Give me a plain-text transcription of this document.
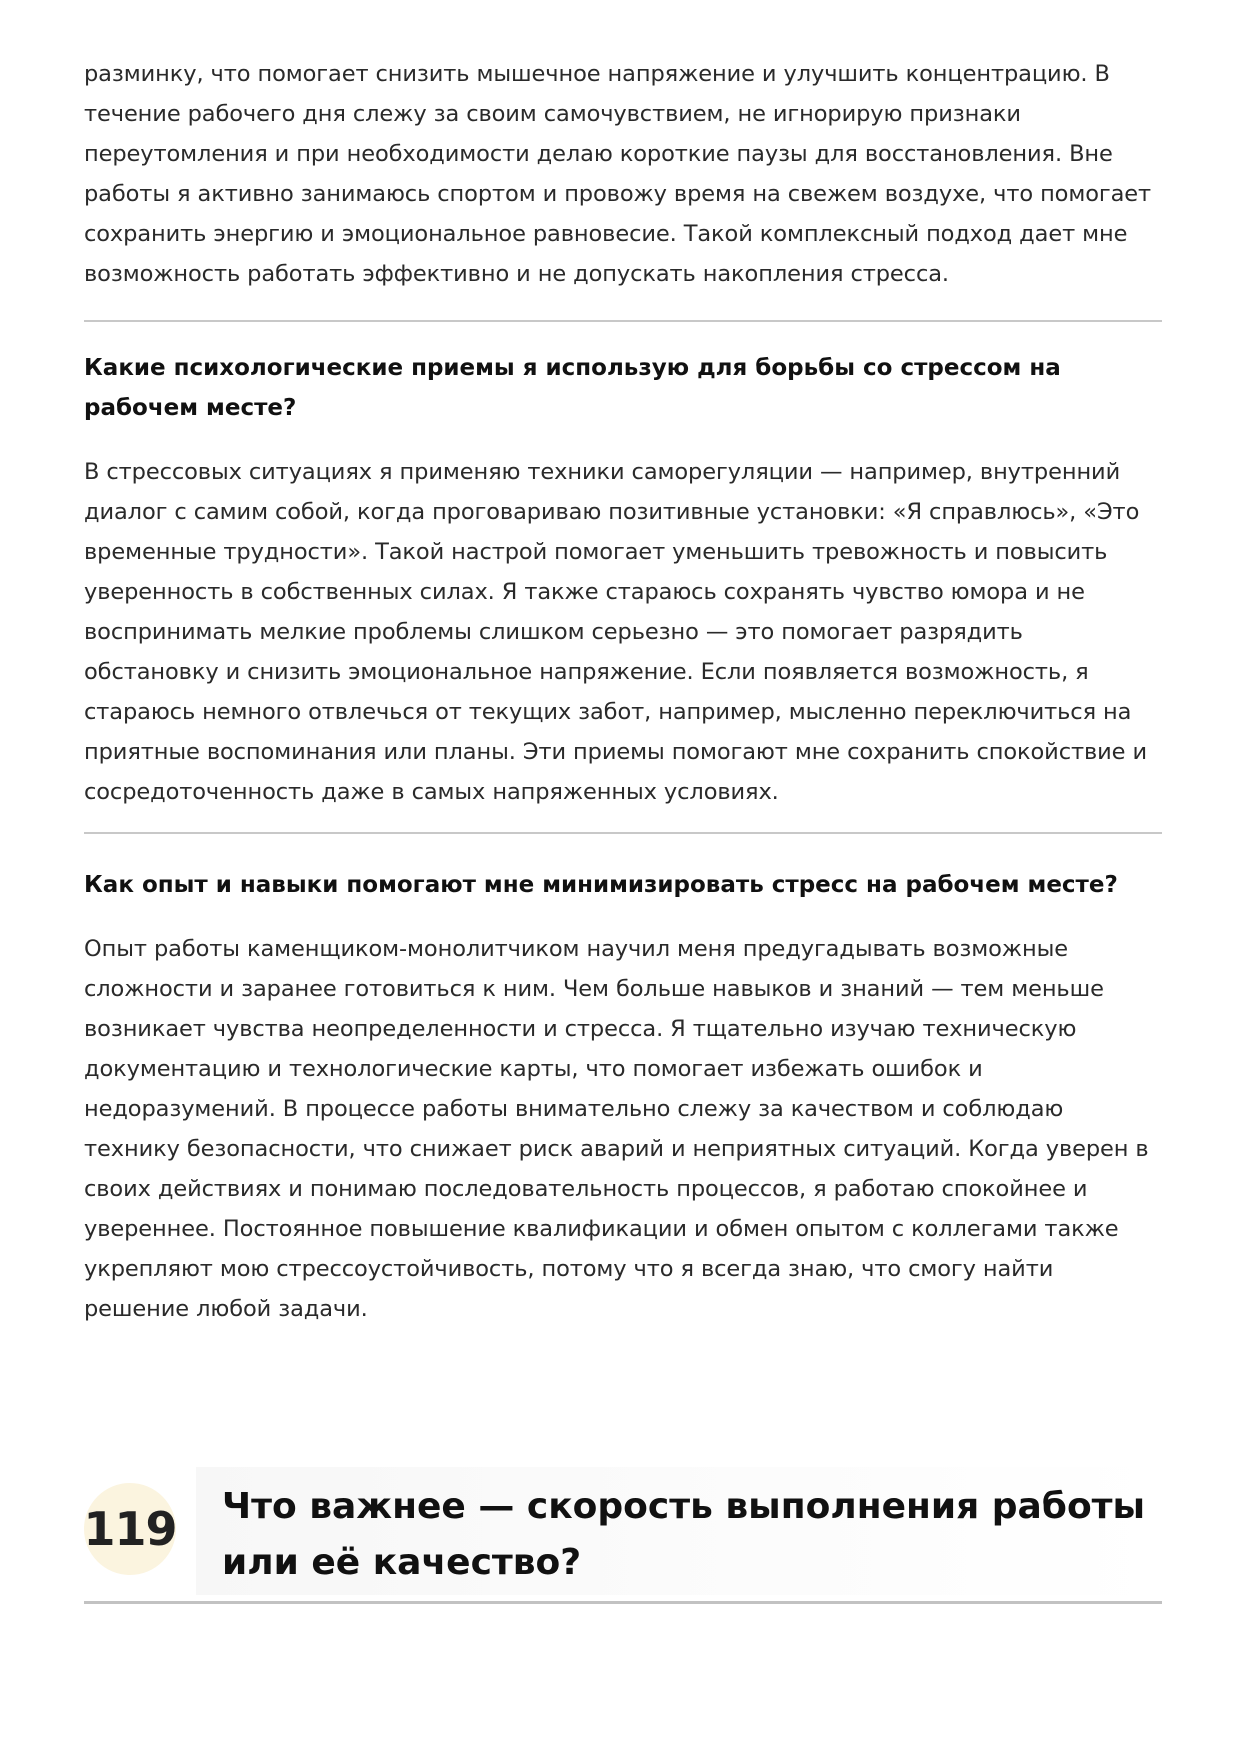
разминку, что помогает снизить мышечное напряжение и улучшить концентрацию. В течение рабочего дня слежу за своим самочувствием, не игнорирую признаки переутомления и при необходимости делаю короткие паузы для восстановления. Вне работы я активно занимаюсь спортом и провожу время на свежем воздухе, что помогает сохранить энергию и эмоциональное равновесие. Такой комплексный подход дает мне возможность работать эффективно и не допускать накопления стресса.

Какие психологические приемы я использую для борьбы со стрессом на рабочем месте?

В стрессовых ситуациях я применяю техники саморегуляции — например, внутренний диалог с самим собой, когда проговариваю позитивные установки: «Я справлюсь», «Это временные трудности». Такой настрой помогает уменьшить тревожность и повысить уверенность в собственных силах. Я также стараюсь сохранять чувство юмора и не воспринимать мелкие проблемы слишком серьезно — это помогает разрядить обстановку и снизить эмоциональное напряжение. Если появляется возможность, я стараюсь немного отвлечься от текущих забот, например, мысленно переключиться на приятные воспоминания или планы. Эти приемы помогают мне сохранить спокойствие и сосредоточенность даже в самых напряженных условиях.

Как опыт и навыки помогают мне минимизировать стресс на рабочем месте?

Опыт работы каменщиком-монолитчиком научил меня предугадывать возможные сложности и заранее готовиться к ним. Чем больше навыков и знаний — тем меньше возникает чувства неопределенности и стресса. Я тщательно изучаю техническую документацию и технологические карты, что помогает избежать ошибок и недоразумений. В процессе работы внимательно слежу за качеством и соблюдаю технику безопасности, что снижает риск аварий и неприятных ситуаций. Когда уверен в своих действиях и понимаю последовательность процессов, я работаю спокойнее и увереннее. Постоянное повышение квалификации и обмен опытом с коллегами также укрепляют мою стрессоустойчивость, потому что я всегда знаю, что смогу найти решение любой задачи.

119 Что важнее — скорость выполнения работы или её качество?
